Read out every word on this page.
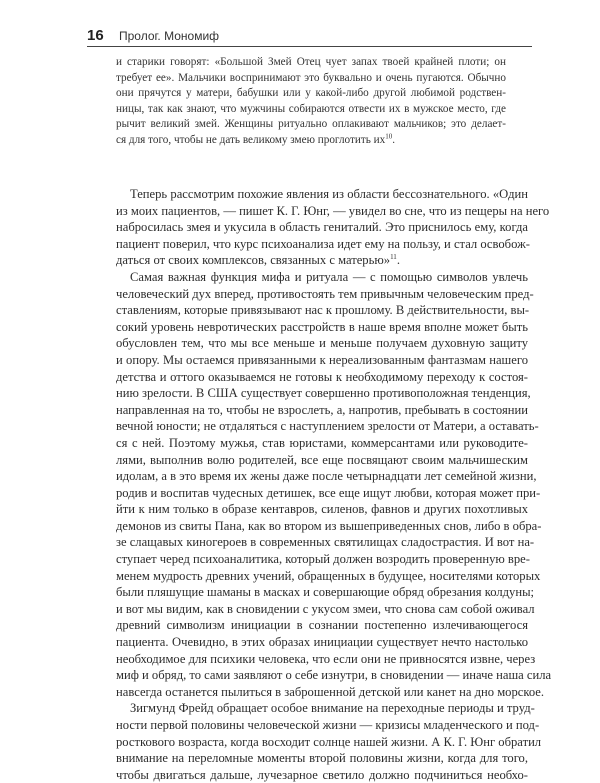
16 Пролог. Мономиф
и старики говорят: «Большой Змей Отец чует запах твоей крайней плоти; он
требует ее». Мальчики воспринимают это буквально и очень пугаются. Обычно
они прячутся у матери, бабушки или у какой-либо другой любимой родствен-
ницы, так как знают, что мужчины собираются отвести их в мужское место, где
рычит великий змей. Женщины ритуально оплакивают мальчиков; это делает-
ся для того, чтобы не дать великому змею проглотить $их^{10}$.
Теперь рассмотрим похожие явления из области бессознательного. «Один
из моих пациентов, — пишет К. Г. Юнг, — увидел во сне, что из пещеры на него
набросилась змея и укусила в область гениталий. Это приснилось ему, когда
пациент поверил, что курс психоанализа идет ему на пользу, и стал освобож-
даться от своих комплексов, связанных с матерью»$^{11}$.
Самая важная функция мифа и ритуала — с помощью символов увлечь
человеческий дух вперед, противостоять тем привычным человеческим пред-
ставлениям, которые привязывают нас к прошлому. В действительности, вы-
сокий уровень невротических расстройств в наше время вполне может быть
обусловлен тем, что мы все меньше и меньше получаем духовную защиту
и опору. Мы остаемся привязанными к нереализованным фантазмам нашего
детства и оттого оказываемся не готовы к необходимому переходу к состоя-
нию зрелости. В США существует совершенно противоположная тенденция,
направленная на то, чтобы не взрослеть, а, напротив, пребывать в состоянии
вечной юности; не отдаляться с наступлением зрелости от Матери, а оставать-
ся с ней. Поэтому мужья, став юристами, коммерсантами или руководите-
лями, выполнив волю родителей, все еще посвящают своим мальчишеским
идолам, а в это время их жены даже после четырнадцати лет семейной жизни,
родив и воспитав чудесных детишек, все еще ищут любви, которая может при-
йти к ним только в образе кентавров, силенов, фавнов и других похотливых
демонов из свиты Пана, как во втором из вышеприведенных снов, либо в обра-
зе слащавых киногероев в современных святилищах сладострастия. И вот на-
ступает черед психоаналитика, который должен возродить проверенную вре-
менем мудрость древних учений, обращенных в будущее, носителями которых
были пляшущие шаманы в масках и совершающие обряд обрезания колдуны;
и вот мы видим, как в сновидении с укусом змеи, что снова сам собой оживал
древний символизм инициации в сознании постепенно излечивающегося
пациента. Очевидно, в этих образах инициации существует нечто настолько
необходимое для психики человека, что если они не привносятся извне, через
миф и обряд, то сами заявляют о себе изнутри, в сновидении — иначе наша сила
навсегда останется пылиться в заброшенной детской или канет на дно морское.
Зигмунд Фрейд обращает особое внимание на переходные периоды и труд-
ности первой половины человеческой жизни — кризисы младенческого и под-
росткового возраста, когда восходит солнце нашей жизни. А К. Г. Юнг обратил
внимание на переломные моменты второй половины жизни, когда для того,
чтобы двигаться дальше, лучезарное светило должно подчиниться необхо-
